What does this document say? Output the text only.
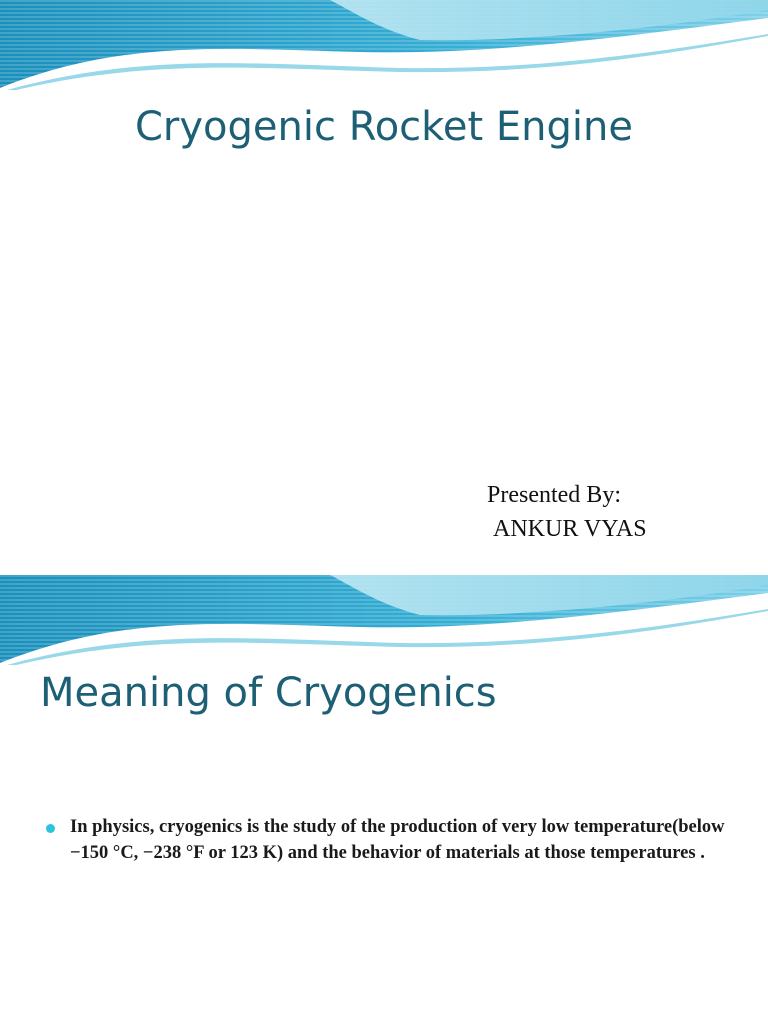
Cryogenic Rocket Engine
Presented By:
ANKUR VYAS
Meaning of Cryogenics
In physics, cryogenics is the study of the production of very low temperature(below −150 °C, −238 °F or 123 K) and the behavior of materials at those temperatures .
